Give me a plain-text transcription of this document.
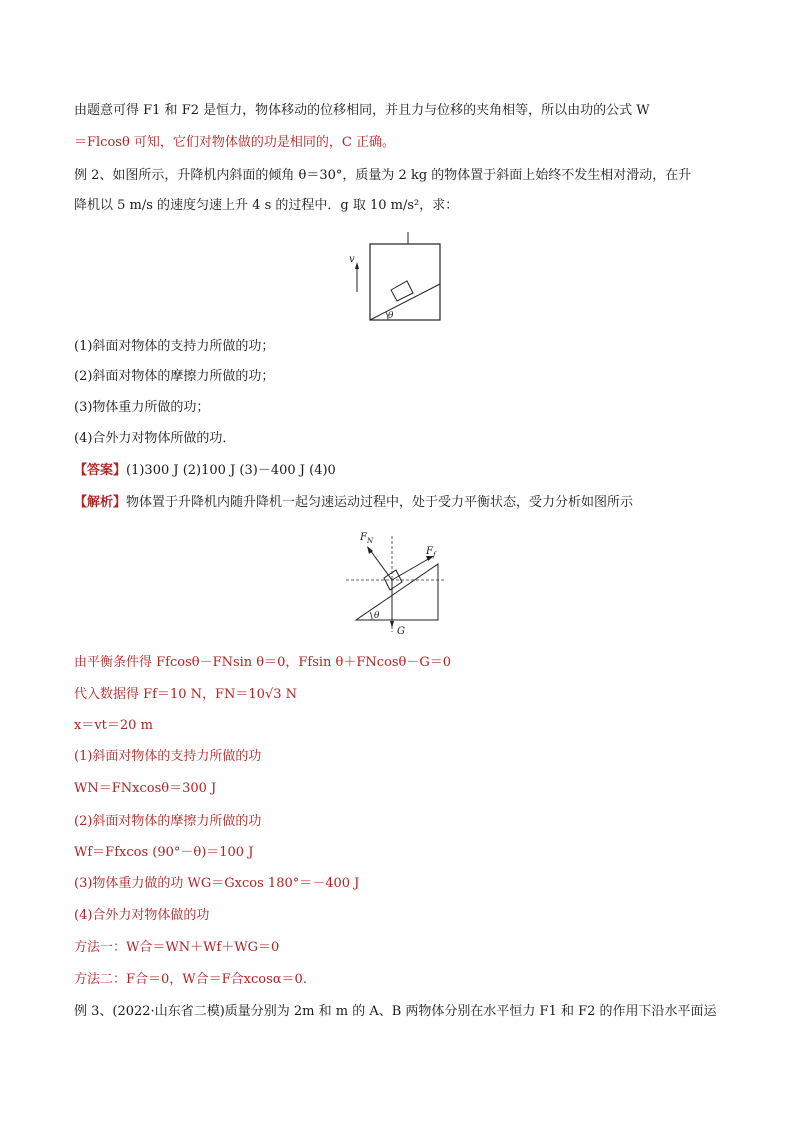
由题意可得 F1 和 F2 是恒力，物体移动的位移相同，并且力与位移的夹角相等，所以由功的公式 W
＝Flcosθ 可知，它们对物体做的功是相同的，C 正确。
例 2、如图所示，升降机内斜面的倾角 θ＝30°，质量为 2 kg 的物体置于斜面上始终不发生相对滑动，在升
降机以 5 m/s 的速度匀速上升 4 s 的过程中．g 取 10 m/s²，求：
v
θ
(1)斜面对物体的支持力所做的功；
(2)斜面对物体的摩擦力所做的功；
(3)物体重力所做的功；
(4)合外力对物体所做的功．
【答案】(1)300 J (2)100 J (3)－400 J (4)0
【解析】物体置于升降机内随升降机一起匀速运动过程中，处于受力平衡状态，受力分析如图所示
$F_N$
$F_f$
G
θ
由平衡条件得 Ffcosθ－FNsin θ＝0，Ffsin θ＋FNcosθ－G＝0
代入数据得 Ff＝10 N，FN＝10√3 N
x＝vt＝20 m
(1)斜面对物体的支持力所做的功
WN＝FNxcosθ＝300 J
(2)斜面对物体的摩擦力所做的功
Wf＝Ffxcos (90°－θ)＝100 J
(3)物体重力做的功 WG＝Gxcos 180°＝－400 J
(4)合外力对物体做的功
方法一：W合＝WN＋Wf＋WG＝0
方法二：F合＝0，W合＝F合xcosα＝0.
例 3、(2022·山东省二模)质量分别为 2m 和 m 的 A、B 两物体分别在水平恒力 F1 和 F2 的作用下沿水平面运
